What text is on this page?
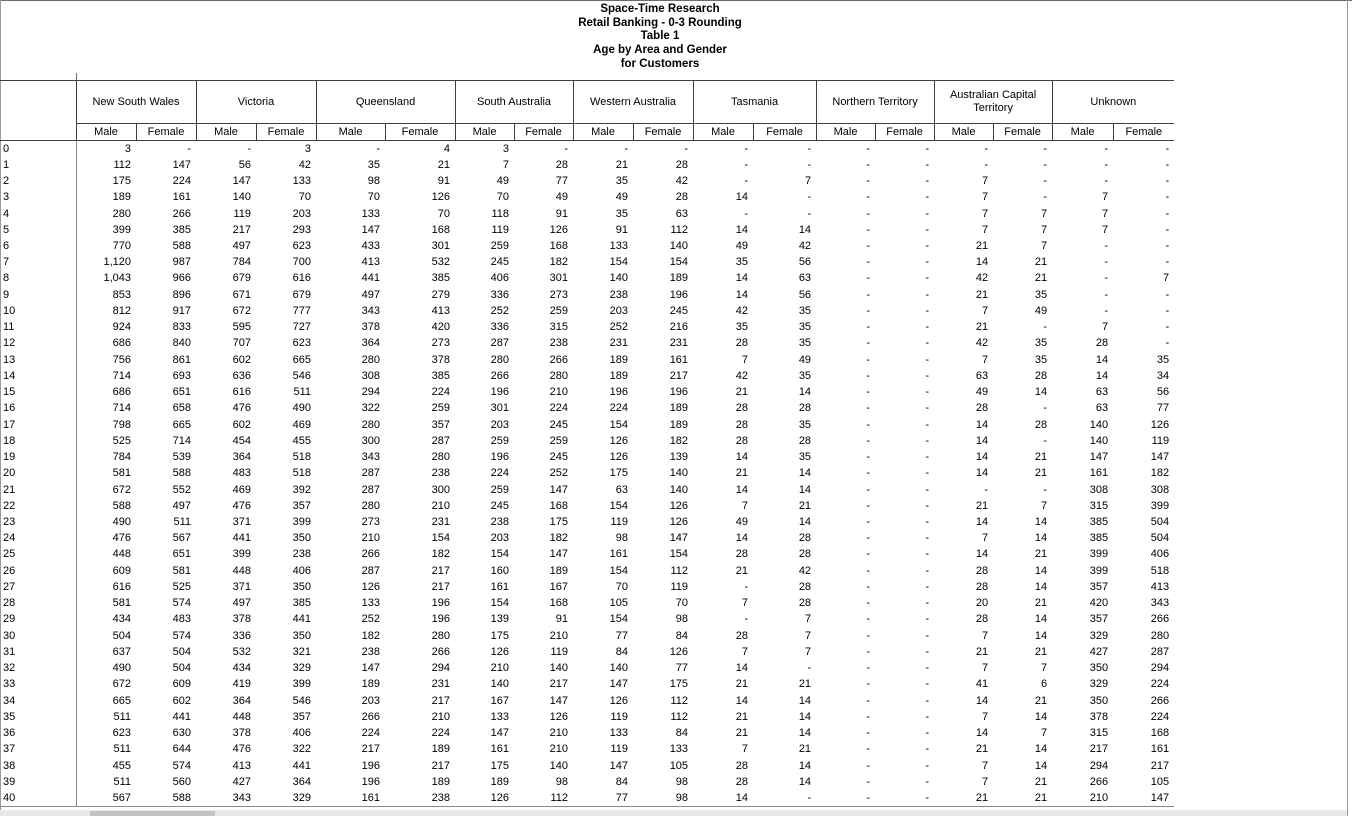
Space-Time Research
Retail Banking - 0-3 Rounding
Table 1
Age by Area and Gender
for Customers
	New South Wales		Victoria		Queensland		South Australia		Western Australia		Tasmania		Northern Territory		Australian Capital Territory		Unknown	
	Male	Female	Male	Female	Male	Female	Male	Female	Male	Female	Male	Female	Male	Female	Male	Female	Male	Female
0	3	-	-	3	-	4	3	-	-	-	-	-	-	-	-	-	-	-
1	112	147	56	42	35	21	7	28	21	28	-	-	-	-	-	-	-	-
2	175	224	147	133	98	91	49	77	35	42	-	7	-	-	7	-	-	-
3	189	161	140	70	70	126	70	49	49	28	14	-	-	-	7	-	7	-
4	280	266	119	203	133	70	118	91	35	63	-	-	-	-	7	7	7	-
5	399	385	217	293	147	168	119	126	91	112	14	14	-	-	7	7	7	-
6	770	588	497	623	433	301	259	168	133	140	49	42	-	-	21	7	-	-
7	1,120	987	784	700	413	532	245	182	154	154	35	56	-	-	14	21	-	-
8	1,043	966	679	616	441	385	406	301	140	189	14	63	-	-	42	21	-	7
9	853	896	671	679	497	279	336	273	238	196	14	56	-	-	21	35	-	-
10	812	917	672	777	343	413	252	259	203	245	42	35	-	-	7	49	-	-
11	924	833	595	727	378	420	336	315	252	216	35	35	-	-	21	-	7	-
12	686	840	707	623	364	273	287	238	231	231	28	35	-	-	42	35	28	-
13	756	861	602	665	280	378	280	266	189	161	7	49	-	-	7	35	14	35
14	714	693	636	546	308	385	266	280	189	217	42	35	-	-	63	28	14	34
15	686	651	616	511	294	224	196	210	196	196	21	14	-	-	49	14	63	56
16	714	658	476	490	322	259	301	224	224	189	28	28	-	-	28	-	63	77
17	798	665	602	469	280	357	203	245	154	189	28	35	-	-	14	28	140	126
18	525	714	454	455	300	287	259	259	126	182	28	28	-	-	14	-	140	119
19	784	539	364	518	343	280	196	245	126	139	14	35	-	-	14	21	147	147
20	581	588	483	518	287	238	224	252	175	140	21	14	-	-	14	21	161	182
21	672	552	469	392	287	300	259	147	63	140	14	14	-	-	-	-	308	308
22	588	497	476	357	280	210	245	168	154	126	7	21	-	-	21	7	315	399
23	490	511	371	399	273	231	238	175	119	126	49	14	-	-	14	14	385	504
24	476	567	441	350	210	154	203	182	98	147	14	28	-	-	7	14	385	504
25	448	651	399	238	266	182	154	147	161	154	28	28	-	-	14	21	399	406
26	609	581	448	406	287	217	160	189	154	112	21	42	-	-	28	14	399	518
27	616	525	371	350	126	217	161	167	70	119	-	28	-	-	28	14	357	413
28	581	574	497	385	133	196	154	168	105	70	7	28	-	-	20	21	420	343
29	434	483	378	441	252	196	139	91	154	98	-	7	-	-	28	14	357	266
30	504	574	336	350	182	280	175	210	77	84	28	7	-	-	7	14	329	280
31	637	504	532	321	238	266	126	119	84	126	7	7	-	-	21	21	427	287
32	490	504	434	329	147	294	210	140	140	77	14	-	-	-	7	7	350	294
33	672	609	419	399	189	231	140	217	147	175	21	21	-	-	41	6	329	224
34	665	602	364	546	203	217	167	147	126	112	14	14	-	-	14	21	350	266
35	511	441	448	357	266	210	133	126	119	112	21	14	-	-	7	14	378	224
36	623	630	378	406	224	224	147	210	133	84	21	14	-	-	14	7	315	168
37	511	644	476	322	217	189	161	210	119	133	7	21	-	-	21	14	217	161
38	455	574	413	441	196	217	175	140	147	105	28	14	-	-	7	14	294	217
39	511	560	427	364	196	189	189	98	84	98	28	14	-	-	7	21	266	105
40	567	588	343	329	161	238	126	112	77	98	14	-	-	-	21	21	210	147
